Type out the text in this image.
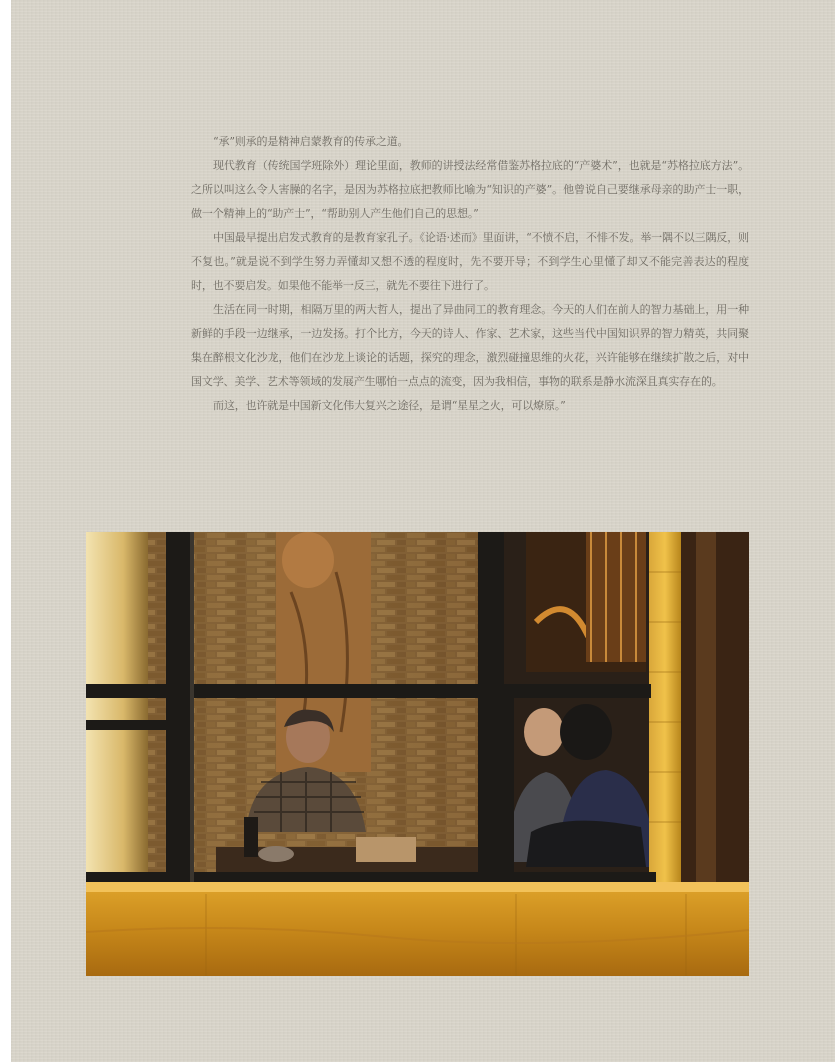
“承”则承的是精神启蒙教育的传承之道。

现代教育（传统国学班除外）理论里面，教师的讲授法经常借鉴苏格拉底的“产婆术”，也就是“苏格拉底方法”。之所以叫这么令人害臊的名字，是因为苏格拉底把教师比喻为“知识的产婆”。他曾说自己要继承母亲的助产士一职，做一个精神上的“助产士”，“帮助别人产生他们自己的思想。”

中国最早提出启发式教育的是教育家孔子。《论语·述而》里面讲，“不愤不启，不悱不发。举一隅不以三隅反，则不复也。”就是说不到学生努力弄懂却又想不透的程度时，先不要开导；不到学生心里懂了却又不能完善表达的程度时，也不要启发。如果他不能举一反三，就先不要往下进行了。

生活在同一时期，相隔万里的两大哲人，提出了异曲同工的教育理念。今天的人们在前人的智力基础上，用一种新鲜的手段一边继承，一边发扬。打个比方，今天的诗人、作家、艺术家，这些当代中国知识界的智力精英，共同聚集在醉根文化沙龙，他们在沙龙上谈论的话题，探究的理念，激烈碰撞思维的火花，兴许能够在继续扩散之后，对中国文学、美学、艺术等领域的发展产生哪怕一点点的流变，因为我相信，事物的联系是静水流深且真实存在的。

而这，也许就是中国新文化伟大复兴之途径，是谓“星星之火，可以燎原。”
